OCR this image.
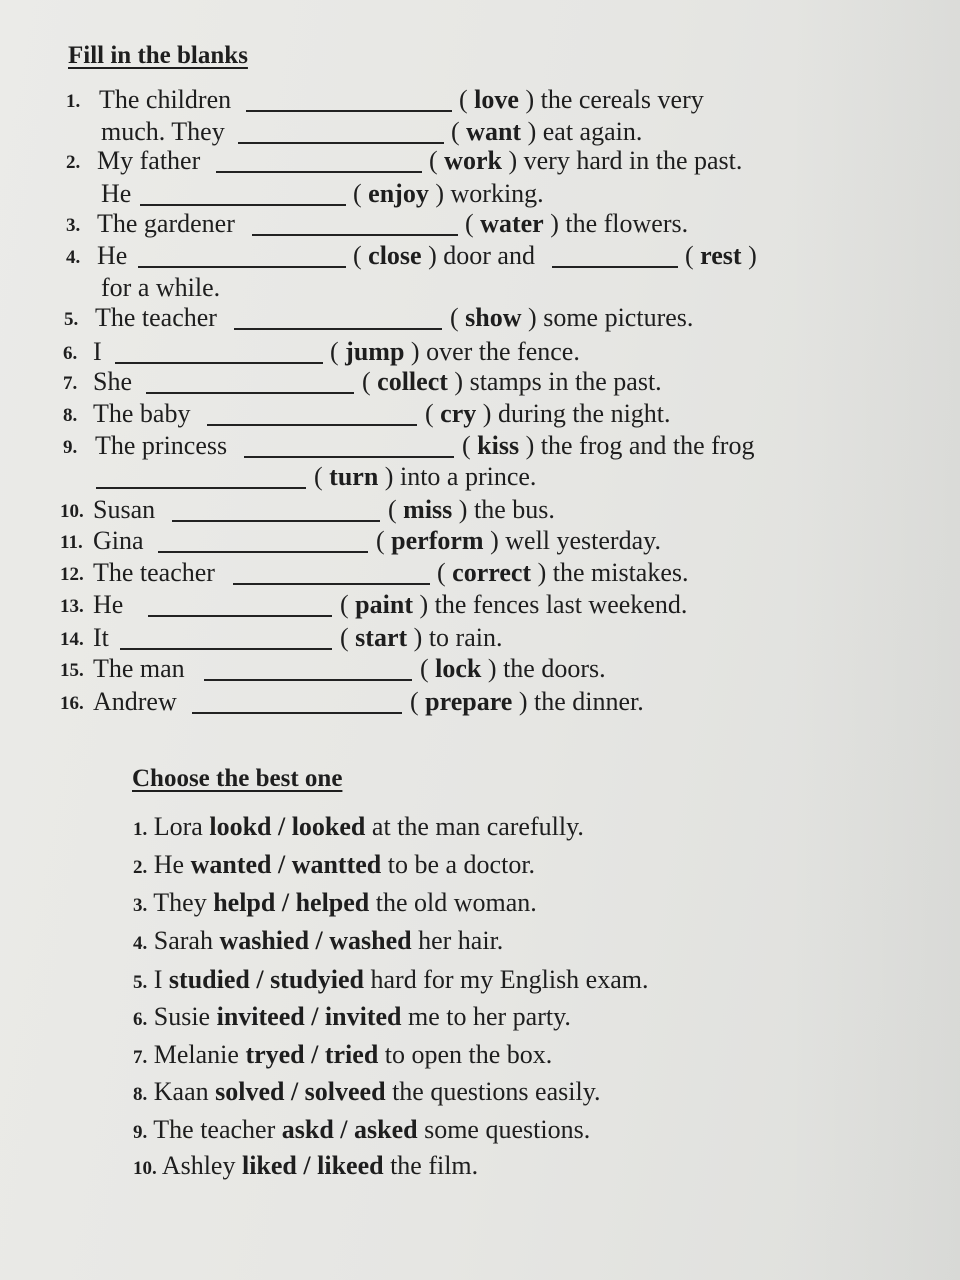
Fill in the blanks
1. The children	( love ) the cereals very
much. They	( want ) eat again.
2. My father	( work ) very hard in the past.
He	( enjoy ) working.
3. The gardener	( water ) the flowers.
4. He	( close ) door and	( rest )
for a while.
5. The teacher	( show ) some pictures.
6. I	( jump ) over the fence.
7. She	( collect ) stamps in the past.
8. The baby	( cry ) during the night.
9. The princess	( kiss ) the frog and the frog
( turn ) into a prince.
10. Susan	( miss ) the bus.
11. Gina	( perform ) well yesterday.
12. The teacher	( correct ) the mistakes.
13. He	( paint ) the fences last weekend.
14. It	( start ) to rain.
15. The man	( lock ) the doors.
16. Andrew	( prepare ) the dinner.
Choose the best one
1. Lora lookd / looked at the man carefully.
2. He wanted / wantted to be a doctor.
3. They helpd / helped the old woman.
4. Sarah washied / washed her hair.
5. I studied / studyied hard for my English exam.
6. Susie inviteed / invited me to her party.
7. Melanie tryed / tried to open the box.
8. Kaan solved / solveed the questions easily.
9. The teacher askd / asked some questions.
10. Ashley liked / likeed the film.
